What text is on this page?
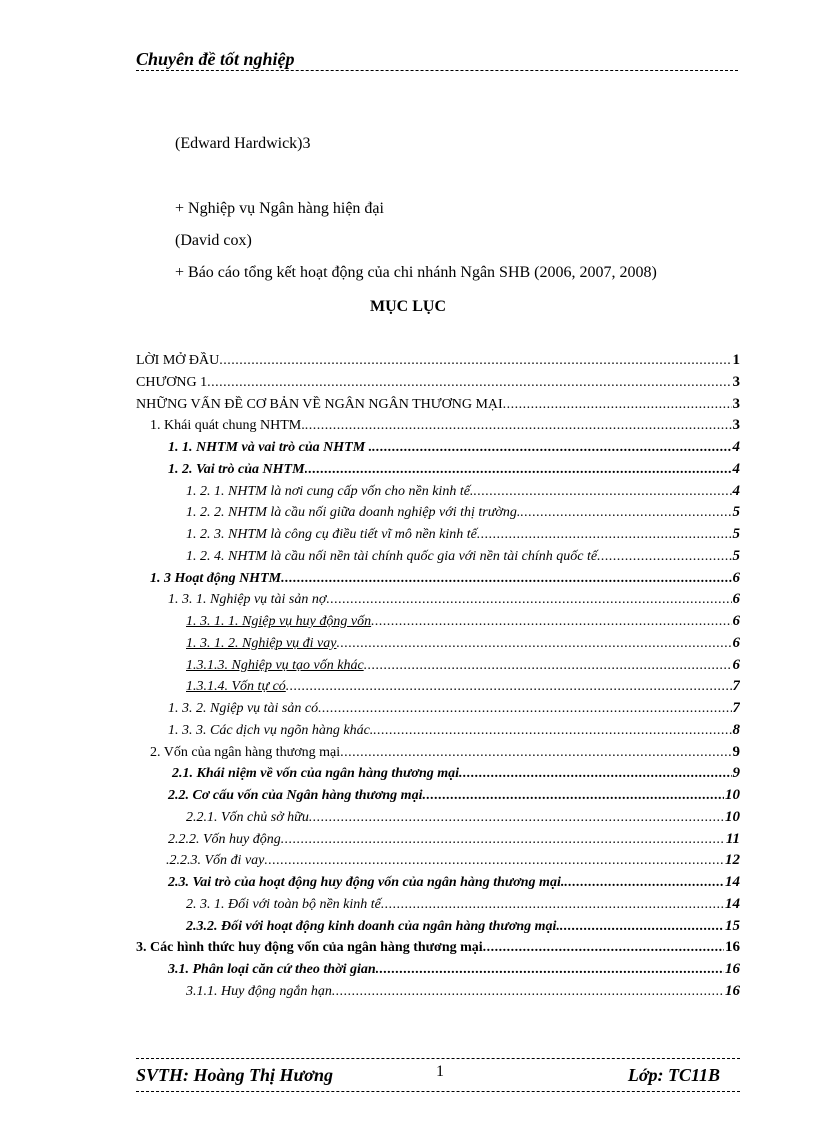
Chuyên đề tốt nghiệp
(Edward Hardwick)3
+ Nghiệp vụ Ngân hàng hiện đại
(David cox)
+ Báo cáo tổng kết hoạt động của chi nhánh Ngân SHB (2006, 2007, 2008)
MỤC LỤC
LỜI MỞ ĐẦU .....	1
CHƯƠNG 1 .....	3
NHỮNG VẤN ĐỀ CƠ BẢN VỀ NGÂN NGÂN THƯƠNG MẠI .....	3
1. Khái quát chung NHTM. .....	3
1. 1. NHTM và vai trò của NHTM . .....	4
1. 2. Vai trò của NHTM .....	4
1. 2. 1. NHTM là nơi cung cấp vốn cho nền kinh tế. .....	4
1. 2. 2. NHTM là cầu nối giữa doanh nghiệp với thị trường. .....	5
1. 2. 3. NHTM là công cụ điều tiết vĩ mô nền kinh tế .....	5
1. 2. 4. NHTM là cầu nối nền tài chính quốc gia với nền tài chính quốc tế .....	5
1. 3 Hoạt động NHTM .....	6
1. 3. 1. Nghiệp vụ tài sản nợ .....	6
1. 3. 1. 1. Ngiệp vụ huy động vốn .....	6
1. 3. 1. 2. Nghiệp vụ đi vay .....	6
1.3.1.3. Nghiệp vụ tạo vốn khác .....	6
1.3.1.4. Vốn tự có .....	7
1. 3. 2. Ngiệp vụ tài sản có .....	7
1. 3. 3. Các dịch vụ ngõn hàng khác. .....	8
2. Vốn của ngân hàng thương mại .....	9
2.1. Khái niệm về vốn của ngân hàng thương mại .....	9
2.2. Cơ cấu vốn của Ngân hàng thương mại .....	10
2.2.1. Vốn chủ sở hữu .....	10
2.2.2. Vốn huy động .....	11
.2.2.3. Vốn đi vay .....	12
2.3. Vai trò của hoạt động huy động vốn của ngân hàng thương mại. .....	14
2. 3. 1. Đối với toàn bộ nền kinh tế .....	14
2.3.2. Đối với hoạt động kinh doanh của ngân hàng thương mại. .....	15
3. Các hình thức huy động vốn của ngân hàng thương mại .....	16
3.1. Phân loại căn cứ theo thời gian .....	16
3.1.1. Huy động ngắn hạn .....	16
SVTH: Hoàng Thị Hương	1	Lớp: TC11B
